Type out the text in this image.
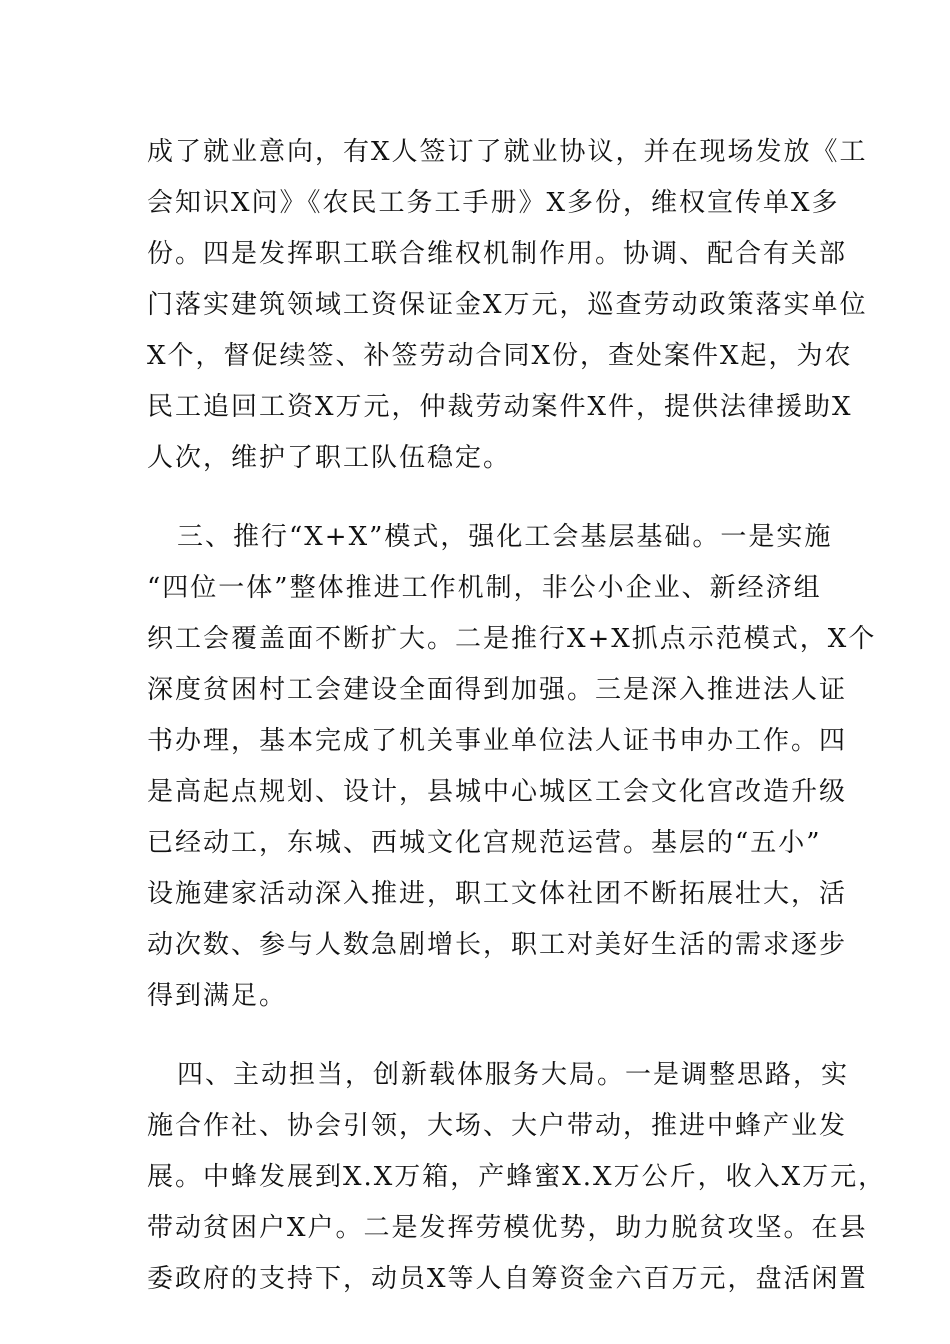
成了就业意向，有X人签订了就业协议，并在现场发放《工
会知识X问》《农民工务工手册》X多份，维权宣传单X多
份。四是发挥职工联合维权机制作用。协调、配合有关部
门落实建筑领域工资保证金X万元，巡查劳动政策落实单位
X个，督促续签、补签劳动合同X份，查处案件X起，为农
民工追回工资X万元，仲裁劳动案件X件，提供法律援助X
人次，维护了职工队伍稳定。
三、推行“X+X”模式，强化工会基层基础。一是实施
“四位一体”整体推进工作机制，非公小企业、新经济组
织工会覆盖面不断扩大。二是推行X+X抓点示范模式，X个
深度贫困村工会建设全面得到加强。三是深入推进法人证
书办理，基本完成了机关事业单位法人证书申办工作。四
是高起点规划、设计，县城中心城区工会文化宫改造升级
已经动工，东城、西城文化宫规范运营。基层的“五小”
设施建家活动深入推进，职工文体社团不断拓展壮大，活
动次数、参与人数急剧增长，职工对美好生活的需求逐步
得到满足。
四、主动担当，创新载体服务大局。一是调整思路，实
施合作社、协会引领，大场、大户带动，推进中蜂产业发
展。中蜂发展到X.X万箱，产蜂蜜X.X万公斤，收入X万元，
带动贫困户X户。二是发挥劳模优势，助力脱贫攻坚。在县
委政府的支持下，动员X等人自筹资金六百万元，盘活闲置
